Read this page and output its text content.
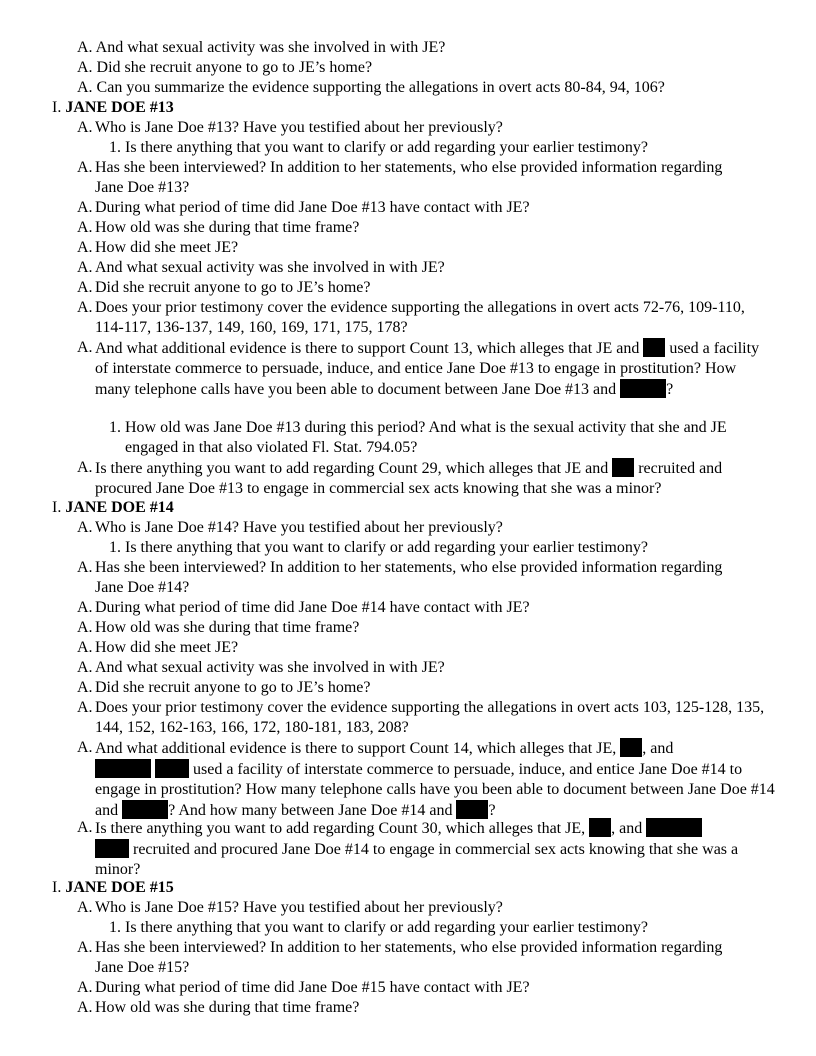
A. And what sexual activity was she involved in with JE?
A. Did she recruit anyone to go to JE’s home?
A. Can you summarize the evidence supporting the allegations in overt acts 80-84, 94, 106?
I. JANE DOE #13
A. Who is Jane Doe #13? Have you testified about her previously?
1. Is there anything that you want to clarify or add regarding your earlier testimony?
A. Has she been interviewed? In addition to her statements, who else provided information regarding Jane Doe #13?
A. During what period of time did Jane Doe #13 have contact with JE?
A. How old was she during that time frame?
A. How did she meet JE?
A. And what sexual activity was she involved in with JE?
A. Did she recruit anyone to go to JE’s home?
A. Does your prior testimony cover the evidence supporting the allegations in overt acts 72-76, 109-110, 114-117, 136-137, 149, 160, 169, 171, 175, 178?
A. And what additional evidence is there to support Count 13, which alleges that JE and  used a facility of interstate commerce to persuade, induce, and entice Jane Doe #13 to engage in prostitution? How many telephone calls have you been able to document between Jane Doe #13 and	?
1. How old was Jane Doe #13 during this period? And what is the sexual activity that she and JE engaged in that also violated Fl. Stat. 794.05?
A. Is there anything you want to add regarding Count 29, which alleges that JE and  recruited and procured Jane Doe #13 to engage in commercial sex acts knowing that she was a minor?
I. JANE DOE #14
A. Who is Jane Doe #14? Have you testified about her previously?
1. Is there anything that you want to clarify or add regarding your earlier testimony?
A. Has she been interviewed? In addition to her statements, who else provided information regarding Jane Doe #14?
A. During what period of time did Jane Doe #14 have contact with JE?
A. How old was she during that time frame?
A. How did she meet JE?
A. And what sexual activity was she involved in with JE?
A. Did she recruit anyone to go to JE’s home?
A. Does your prior testimony cover the evidence supporting the allegations in overt acts 103, 125-128, 135, 144, 152, 162-163, 166, 172, 180-181, 183, 208?
A. And what additional evidence is there to support Count 14, which alleges that JE, , and
used a facility of interstate commerce to persuade, induce, and entice Jane Doe #14 to engage in prostitution? How many telephone calls have you been able to document between Jane Doe #14 and	? And how many between Jane Doe #14 and ?
A. Is there anything you want to add regarding Count 30, which alleges that JE, , and
recruited and procured Jane Doe #14 to engage in commercial sex acts knowing that she was a minor?
I. JANE DOE #15
A. Who is Jane Doe #15? Have you testified about her previously?
1. Is there anything that you want to clarify or add regarding your earlier testimony?
A. Has she been interviewed? In addition to her statements, who else provided information regarding Jane Doe #15?
A. During what period of time did Jane Doe #15 have contact with JE?
A. How old was she during that time frame?
